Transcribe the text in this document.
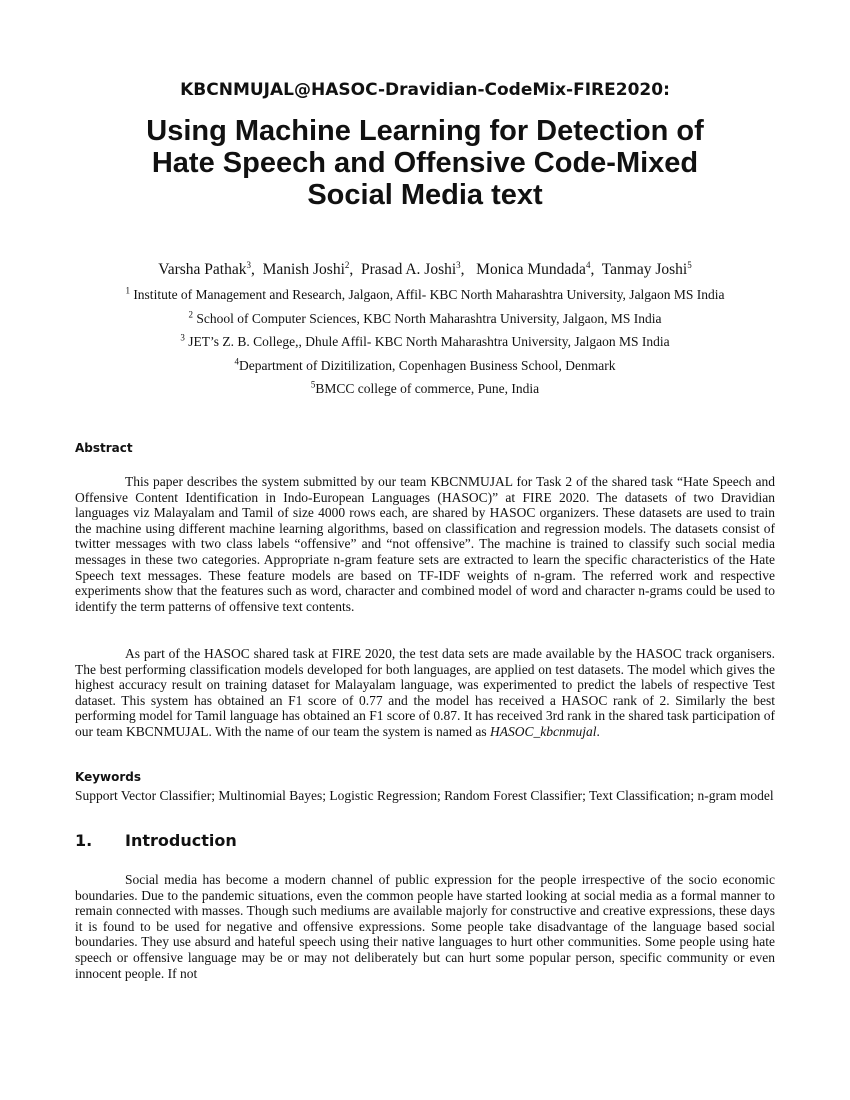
KBCNMUJAL@HASOC-Dravidian-CodeMix-FIRE2020:
Using Machine Learning for Detection of
Hate Speech and Offensive Code-Mixed
Social Media text
Varsha Pathak$^3$,  Manish Joshi$^2$,  Prasad A. Joshi$^3$,   Monica Mundada$^4$,  Tanmay Joshi$^5$
$^1$ Institute of Management and Research, Jalgaon, Affil- KBC North Maharashtra University, Jalgaon MS India
$^2$ School of Computer Sciences, KBC North Maharashtra University, Jalgaon, MS India
$^3$ JET’s Z. B. College,, Dhule Affil- KBC North Maharashtra University, Jalgaon MS India
$^4$Department of Dizitilization, Copenhagen Business School, Denmark
$^5$BMCC college of commerce, Pune, India
Abstract

This paper describes the system submitted by our team KBCNMUJAL for Task 2 of the shared task “Hate Speech and Offensive Content Identification in Indo-European Languages (HASOC)” at FIRE 2020. The datasets of two Dravidian languages viz Malayalam and Tamil of size 4000 rows each, are shared by HASOC organizers. These datasets are used to train the machine using different machine learning algorithms, based on classification and regression models. The datasets consist of twitter messages with two class labels “offensive” and “not offensive”. The machine is trained to classify such social media messages in these two categories. Appropriate n-gram feature sets are extracted to learn the specific characteristics of the Hate Speech text messages. These feature models are based on TF-IDF weights of n-gram. The referred work and respective experiments show that the features such as word, character and combined model of word and character n-grams could be used to identify the term patterns of offensive text contents.

As part of the HASOC shared task at FIRE 2020, the test data sets are made available by the HASOC track organisers. The best performing classification models developed for both languages, are applied on test datasets. The model which gives the highest accuracy result on training dataset for Malayalam language, was experimented to predict the labels of respective Test dataset. This system has obtained an F1 score of 0.77 and the model has received a HASOC rank of 2. Similarly the best performing model for Tamil language has obtained an F1 score of 0.87. It has received 3rd rank in the shared task participation of our team KBCNMUJAL. With the name of our team the system is named as HASOC_kbcnmujal.

Keywords

Support Vector Classifier; Multinomial Bayes; Logistic Regression; Random Forest Classifier; Text Classification; n-gram model

1. Introduction

Social media has become a modern channel of public expression for the people irrespective of the socio economic boundaries. Due to the pandemic situations, even the common people have started looking at social media as a formal manner to remain connected with masses. Though such mediums are available majorly for constructive and creative expressions, these days it is found to be used for negative and offensive expressions. Some people take disadvantage of the language based social boundaries. They use absurd and hateful speech using their native languages to hurt other communities. Some people using hate speech or offensive language may be or may not deliberately but can hurt some popular person, specific community or even innocent people. If not
